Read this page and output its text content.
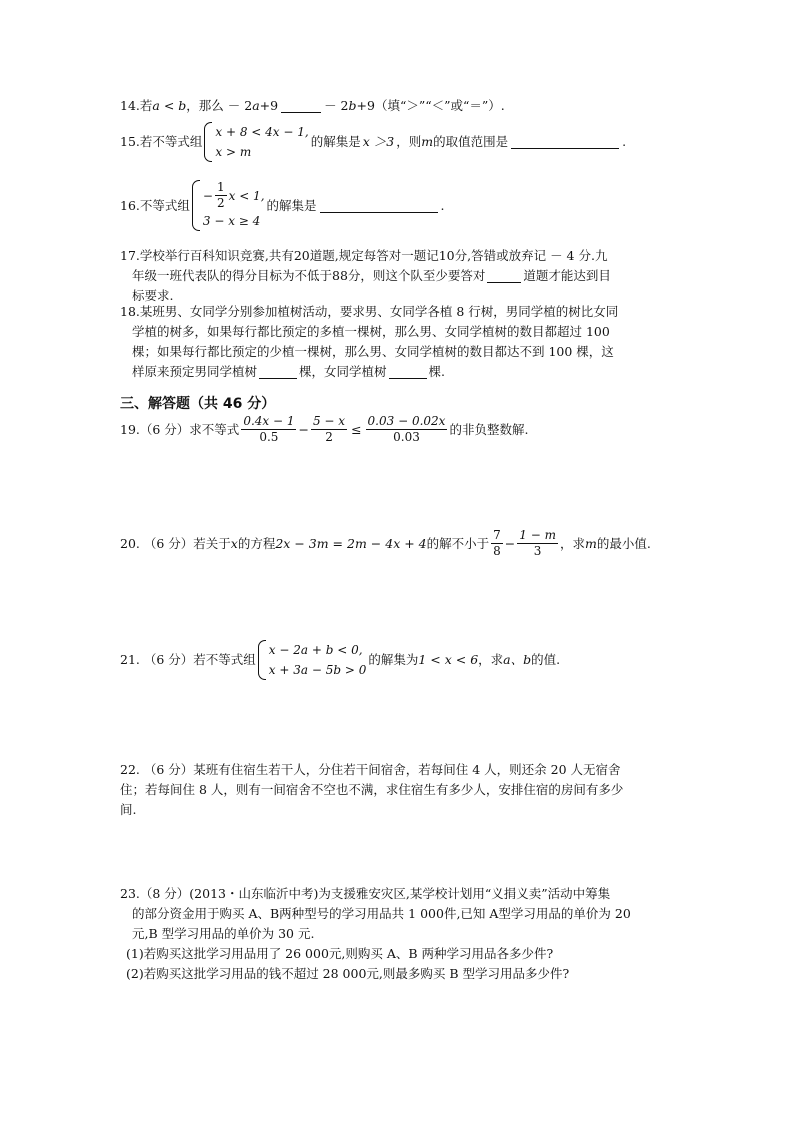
14. 若 a < b ，那么 － 2 a +9	－ 2 b +9（填“＞”“＜”或“＝”）.
15. 若不等式组
x + 8 < 4x − 1,
x > m
的解集是 x ＞3 ，则 m 的取值范围是	.
16. 不等式组
− $\frac{1}{2}$ x < 1,
3 − x ≥ 4
的解集是	.
17.学校举行百科知识竞赛,共有20道题,规定每答对一题记10分,答错或放弃记 － 4 分.九
年级一班代表队的得分目标为不低于88分，则这个队至少要答对	道题才能达到目
标要求.
18.某班男、女同学分别参加植树活动，要求男、女同学各植 8 行树，男同学植的树比女同
学植的树多，如果每行都比预定的多植一棵树，那么男、女同学植树的数目都超过 100
棵；如果每行都比预定的少植一棵树，那么男、女同学植树的数目都达不到 100 棵，这
样原来预定男同学植树	棵，女同学植树	棵.
三、解答题（共 46 分）
19.（6 分）求不等式 $\frac{0.4x - 1}{0.5} - \frac{5 - x}{2} \le \frac{0.03 - 0.02x}{0.03}$ 的非负整数解.
20. （6 分）若关于 x 的方程 2x − 3m = 2m − 4x + 4 的解不小于 $\frac{7}{8} - \frac{1 - m}{3}$ ，求 m 的最小值.
21. （6 分）若不等式组
x − 2a + b < 0,
x + 3a − 5b > 0
的解集为 1 < x < 6 ，求 a、b 的值.
22. （6 分）某班有住宿生若干人，分住若干间宿舍，若每间住 4 人，则还余 20 人无宿舍
住；若每间住 8 人，则有一间宿舍不空也不满，求住宿生有多少人，安排住宿的房间有多少
间.
23.（8 分）(2013・山东临沂中考)为支援雅安灾区,某学校计划用“义捐义卖”活动中筹集
的部分资金用于购买 A、B两种型号的学习用品共 1 000件,已知 A型学习用品的单价为 20
元,B 型学习用品的单价为 30 元.
(1)若购买这批学习用品用了 26 000元,则购买 A、B 两种学习用品各多少件?
(2)若购买这批学习用品的钱不超过 28 000元,则最多购买 B 型学习用品多少件?
